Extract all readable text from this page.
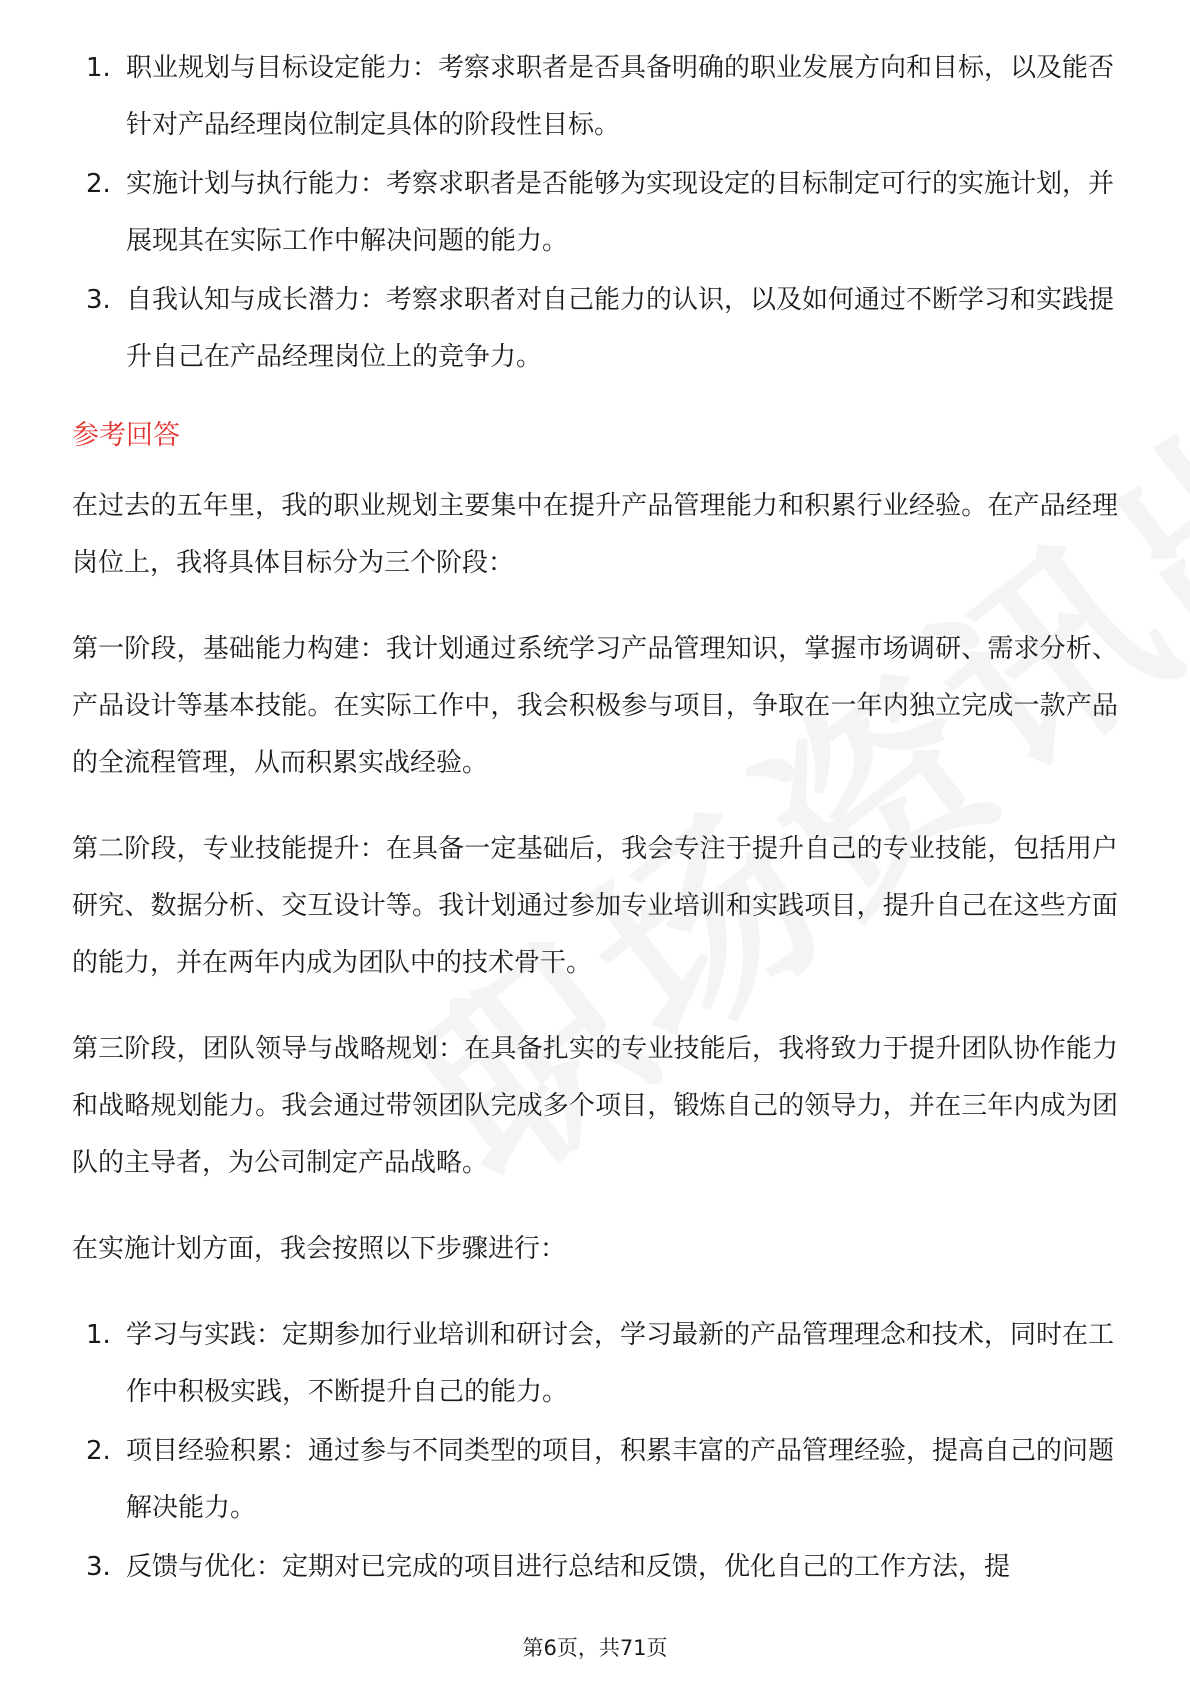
1. 职业规划与目标设定能力：考察求职者是否具备明确的职业发展方向和目标，以及能否针对产品经理岗位制定具体的阶段性目标。
2. 实施计划与执行能力：考察求职者是否能够为实现设定的目标制定可行的实施计划，并展现其在实际工作中解决问题的能力。
3. 自我认知与成长潜力：考察求职者对自己能力的认识，以及如何通过不断学习和实践提升自己在产品经理岗位上的竞争力。
参考回答

在过去的五年里，我的职业规划主要集中在提升产品管理能力和积累行业经验。在产品经理岗位上，我将具体目标分为三个阶段：

第一阶段，基础能力构建：我计划通过系统学习产品管理知识，掌握市场调研、需求分析、产品设计等基本技能。在实际工作中，我会积极参与项目，争取在一年内独立完成一款产品的全流程管理，从而积累实战经验。

第二阶段，专业技能提升：在具备一定基础后，我会专注于提升自己的专业技能，包括用户研究、数据分析、交互设计等。我计划通过参加专业培训和实践项目，提升自己在这些方面的能力，并在两年内成为团队中的技术骨干。

第三阶段，团队领导与战略规划：在具备扎实的专业技能后，我将致力于提升团队协作能力和战略规划能力。我会通过带领团队完成多个项目，锻炼自己的领导力，并在三年内成为团队的主导者，为公司制定产品战略。

在实施计划方面，我会按照以下步骤进行：

1. 学习与实践：定期参加行业培训和研讨会，学习最新的产品管理理念和技术，同时在工作中积极实践，不断提升自己的能力。
2. 项目经验积累：通过参与不同类型的项目，积累丰富的产品管理经验，提高自己的问题解决能力。
3. 反馈与优化：定期对已完成的项目进行总结和反馈，优化自己的工作方法，提
第6页，共71页
